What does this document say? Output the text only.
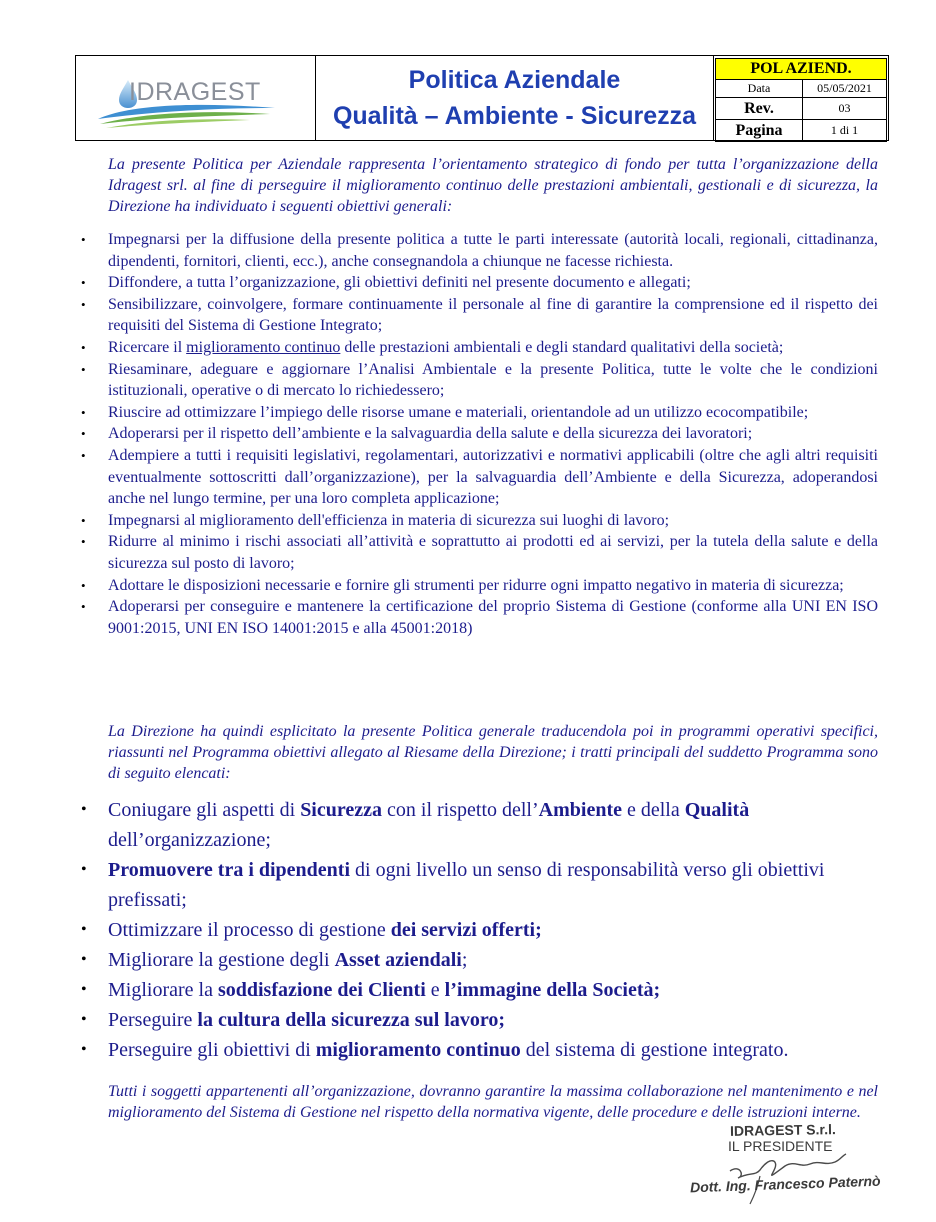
IDRAGEST	Politica Aziendale
Qualità – Ambiente - Sicurezza
POL AZIEND.
Data	05/05/2021
Rev.	03
Pagina	1 di 1
La presente Politica per Aziendale rappresenta l’orientamento strategico di fondo per tutta l’organizzazione della Idragest srl. al fine di perseguire il miglioramento continuo delle prestazioni ambientali, gestionali e di sicurezza, la Direzione ha individuato i seguenti obiettivi generali:
• Impegnarsi per la diffusione della presente politica a tutte le parti interessate (autorità locali, regionali, cittadinanza, dipendenti, fornitori, clienti, ecc.), anche consegnandola a chiunque ne facesse richiesta.
• Diffondere, a tutta l’organizzazione, gli obiettivi definiti nel presente documento e allegati;
• Sensibilizzare, coinvolgere, formare continuamente il personale al fine di garantire la comprensione ed il rispetto dei requisiti del Sistema di Gestione Integrato;
• Ricercare il miglioramento continuo delle prestazioni ambientali e degli standard qualitativi della società;
• Riesaminare, adeguare e aggiornare l’Analisi Ambientale e la presente Politica, tutte le volte che le condizioni istituzionali, operative o di mercato lo richiedessero;
• Riuscire ad ottimizzare l’impiego delle risorse umane e materiali, orientandole ad un utilizzo ecocompatibile;
• Adoperarsi per il rispetto dell’ambiente e la salvaguardia della salute e della sicurezza dei lavoratori;
• Adempiere a tutti i requisiti legislativi, regolamentari, autorizzativi e normativi applicabili (oltre che agli altri requisiti eventualmente sottoscritti dall’organizzazione), per la salvaguardia dell’Ambiente e della Sicurezza, adoperandosi anche nel lungo termine, per una loro completa applicazione;
• Impegnarsi al miglioramento dell'efficienza in materia di sicurezza sui luoghi di lavoro;
• Ridurre al minimo i rischi associati all’attività e soprattutto ai prodotti ed ai servizi, per la tutela della salute e della sicurezza sul posto di lavoro;
• Adottare le disposizioni necessarie e fornire gli strumenti per ridurre ogni impatto negativo in materia di sicurezza;
• Adoperarsi per conseguire e mantenere la certificazione del proprio Sistema di Gestione (conforme alla UNI EN ISO 9001:2015, UNI EN ISO 14001:2015 e alla 45001:2018)
La Direzione ha quindi esplicitato la presente Politica generale traducendola poi in programmi operativi specifici, riassunti nel Programma obiettivi allegato al Riesame della Direzione; i tratti principali del suddetto Programma sono di seguito elencati:
• Coniugare gli aspetti di Sicurezza con il rispetto dell’Ambiente e della Qualità dell’organizzazione;
• Promuovere tra i dipendenti di ogni livello un senso di responsabilità verso gli obiettivi prefissati;
• Ottimizzare il processo di gestione dei servizi offerti;
• Migliorare la gestione degli Asset aziendali;
• Migliorare la soddisfazione dei Clienti e l’immagine della Società;
• Perseguire la cultura della sicurezza sul lavoro;
• Perseguire gli obiettivi di miglioramento continuo del sistema di gestione integrato.
Tutti i soggetti appartenenti all’organizzazione, dovranno garantire la massima collaborazione nel mantenimento e nel miglioramento del Sistema di Gestione nel rispetto della normativa vigente, delle procedure e delle istruzioni interne.
IDRAGEST S.r.l.
IL PRESIDENTE
Dott. Ing. Francesco Paternò
